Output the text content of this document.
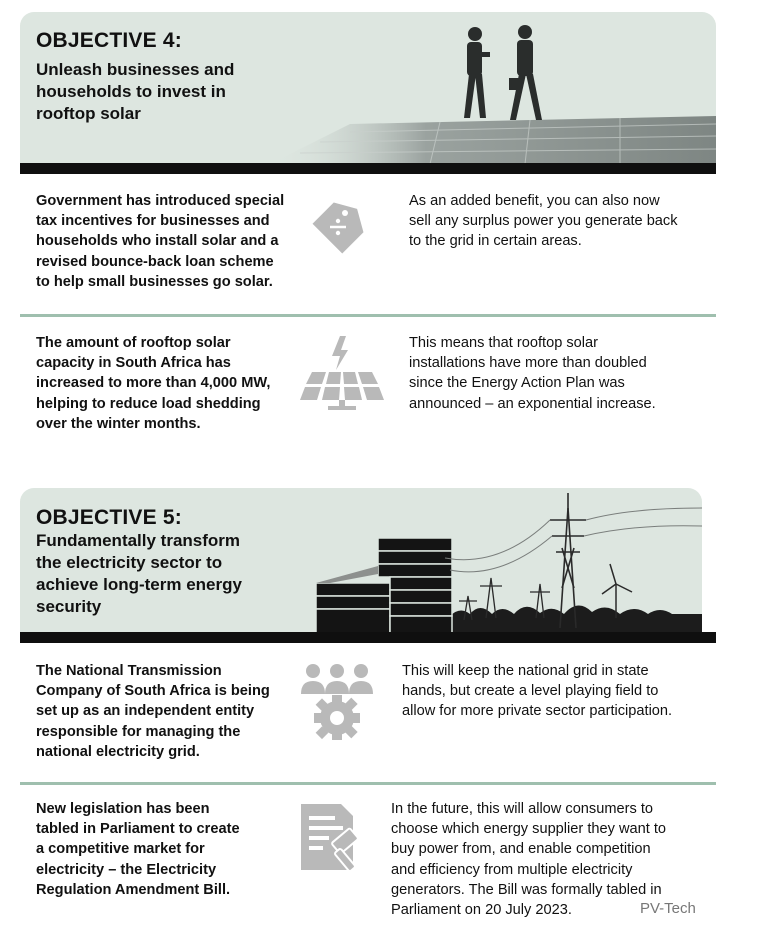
OBJECTIVE 4:
Unleash businesses and
households to invest in
rooftop solar
Government has introduced special
tax incentives for businesses and
households who install solar and a
revised bounce-back loan scheme
to help small businesses go solar.
As an added benefit, you can also now
sell any surplus power you generate back
to the grid in certain areas.
The amount of rooftop solar
capacity in South Africa has
increased to more than 4,000 MW,
helping to reduce load shedding
over the winter months.
This means that rooftop solar
installations have more than doubled
since the Energy Action Plan was
announced – an exponential increase.
OBJECTIVE 5:
Fundamentally transform
the electricity sector to
achieve long-term energy
security
The National Transmission
Company of South Africa is being
set up as an independent entity
responsible for managing the
national electricity grid.
This will keep the national grid in state
hands, but create a level playing field to
allow for more private sector participation.
New legislation has been
tabled in Parliament to create
a competitive market for
electricity – the Electricity
Regulation Amendment Bill.
In the future, this will allow consumers to
choose which energy supplier they want to
buy power from, and enable competition
and efficiency from multiple electricity
generators. The Bill was formally tabled in
Parliament on 20 July 2023.	PV-Tech
